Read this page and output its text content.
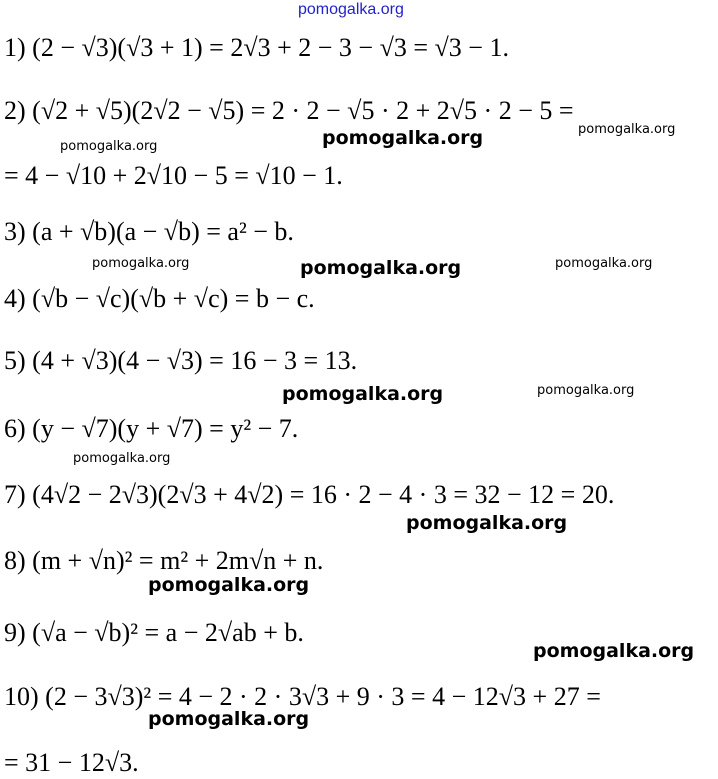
pomogalka.org
1) (2 − √3)(√3 + 1) = 2√3 + 2 − 3 − √3 = √3 − 1.
2) (√2 + √5)(2√2 − √5) = 2 · 2 − √5 · 2 + 2√5 · 2 − 5 =
= 4 − √10 + 2√10 − 5 = √10 − 1.
3) (a + √b)(a − √b) = a² − b.
4) (√b − √c)(√b + √c) = b − c.
5) (4 + √3)(4 − √3) = 16 − 3 = 13.
6) (y − √7)(y + √7) = y² − 7.
7) (4√2 − 2√3)(2√3 + 4√2) = 16 · 2 − 4 · 3 = 32 − 12 = 20.
8) (m + √n)² = m² + 2m√n + n.
9) (√a − √b)² = a − 2√ab + b.
10) (2 − 3√3)² = 4 − 2 · 2 · 3√3 + 9 · 3 = 4 − 12√3 + 27 =
= 31 − 12√3.
pomogalka.org
pomogalka.org
pomogalka.org
pomogalka.org
pomogalka.org	pomogalka.org
pomogalka.org	pomogalka.org
pomogalka.org
pomogalka.org
pomogalka.org
pomogalka.org
pomogalka.org
